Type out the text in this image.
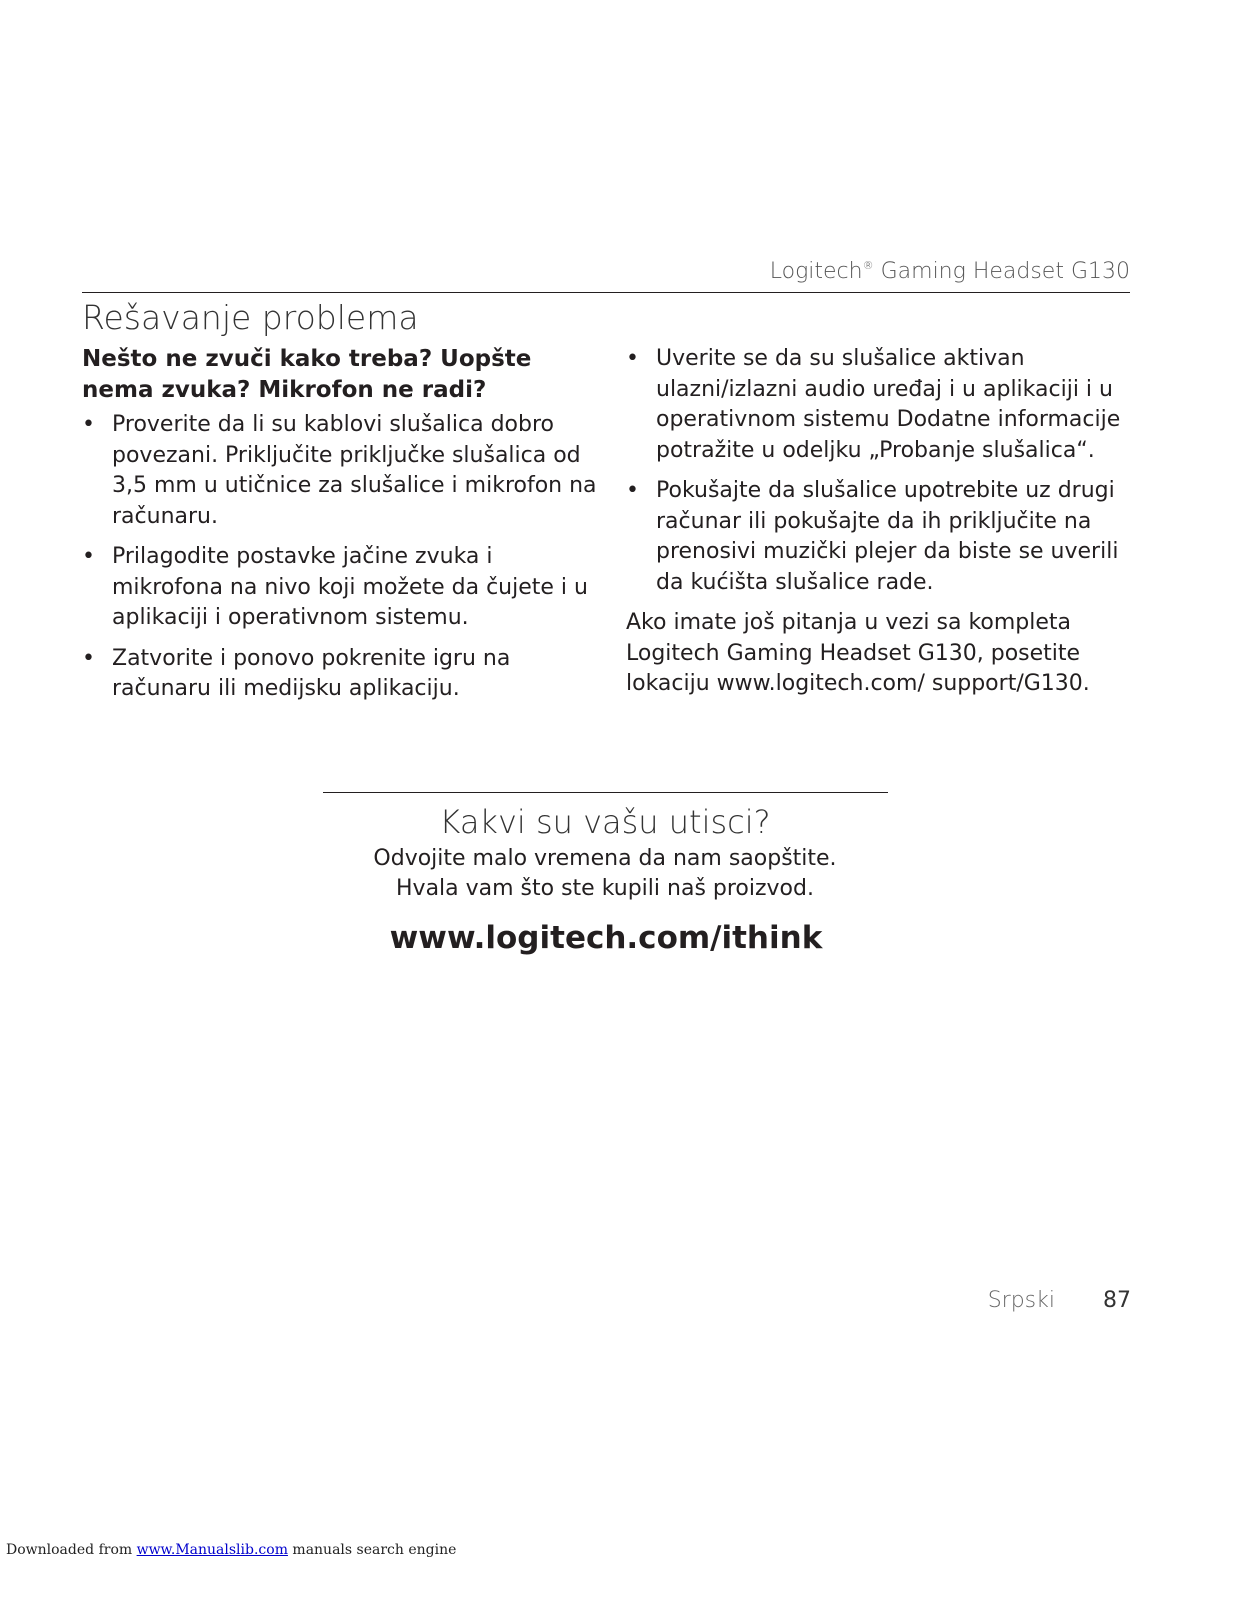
Logitech® Gaming Headset G130
Rešavanje problema

Nešto ne zvuči kako treba? Uopšte nema zvuka? Mikrofon ne radi?

• Proverite da li su kablovi slušalica dobro povezani. Priključite priključke slušalica od 3,5 mm u utičnice za slušalice i mikrofon na računaru.
• Prilagodite postavke jačine zvuka i mikrofona na nivo koji možete da čujete i u aplikaciji i operativnom sistemu.
• Zatvorite i ponovo pokrenite igru na računaru ili medijsku aplikaciju.
• Uverite se da su slušalice aktivan ulazni/izlazni audio uređaj i u aplikaciji i u operativnom sistemu Dodatne informacije potražite u odeljku „Probanje slušalica“.
• Pokušajte da slušalice upotrebite uz drugi računar ili pokušajte da ih priključite na prenosivi muzički plejer da biste se uverili da kućišta slušalice rade.

Ako imate još pitanja u vezi sa kompleta Logitech Gaming Headset G130, posetite lokaciju www.logitech.com/ support/G130.

Kakvi su vašu utisci?
Odvojite malo vremena da nam saopštite.
Hvala vam što ste kupili naš proizvod.
www.logitech.com/ithink
Srpski 87
Downloaded from www.Manualslib.com manuals search engine
